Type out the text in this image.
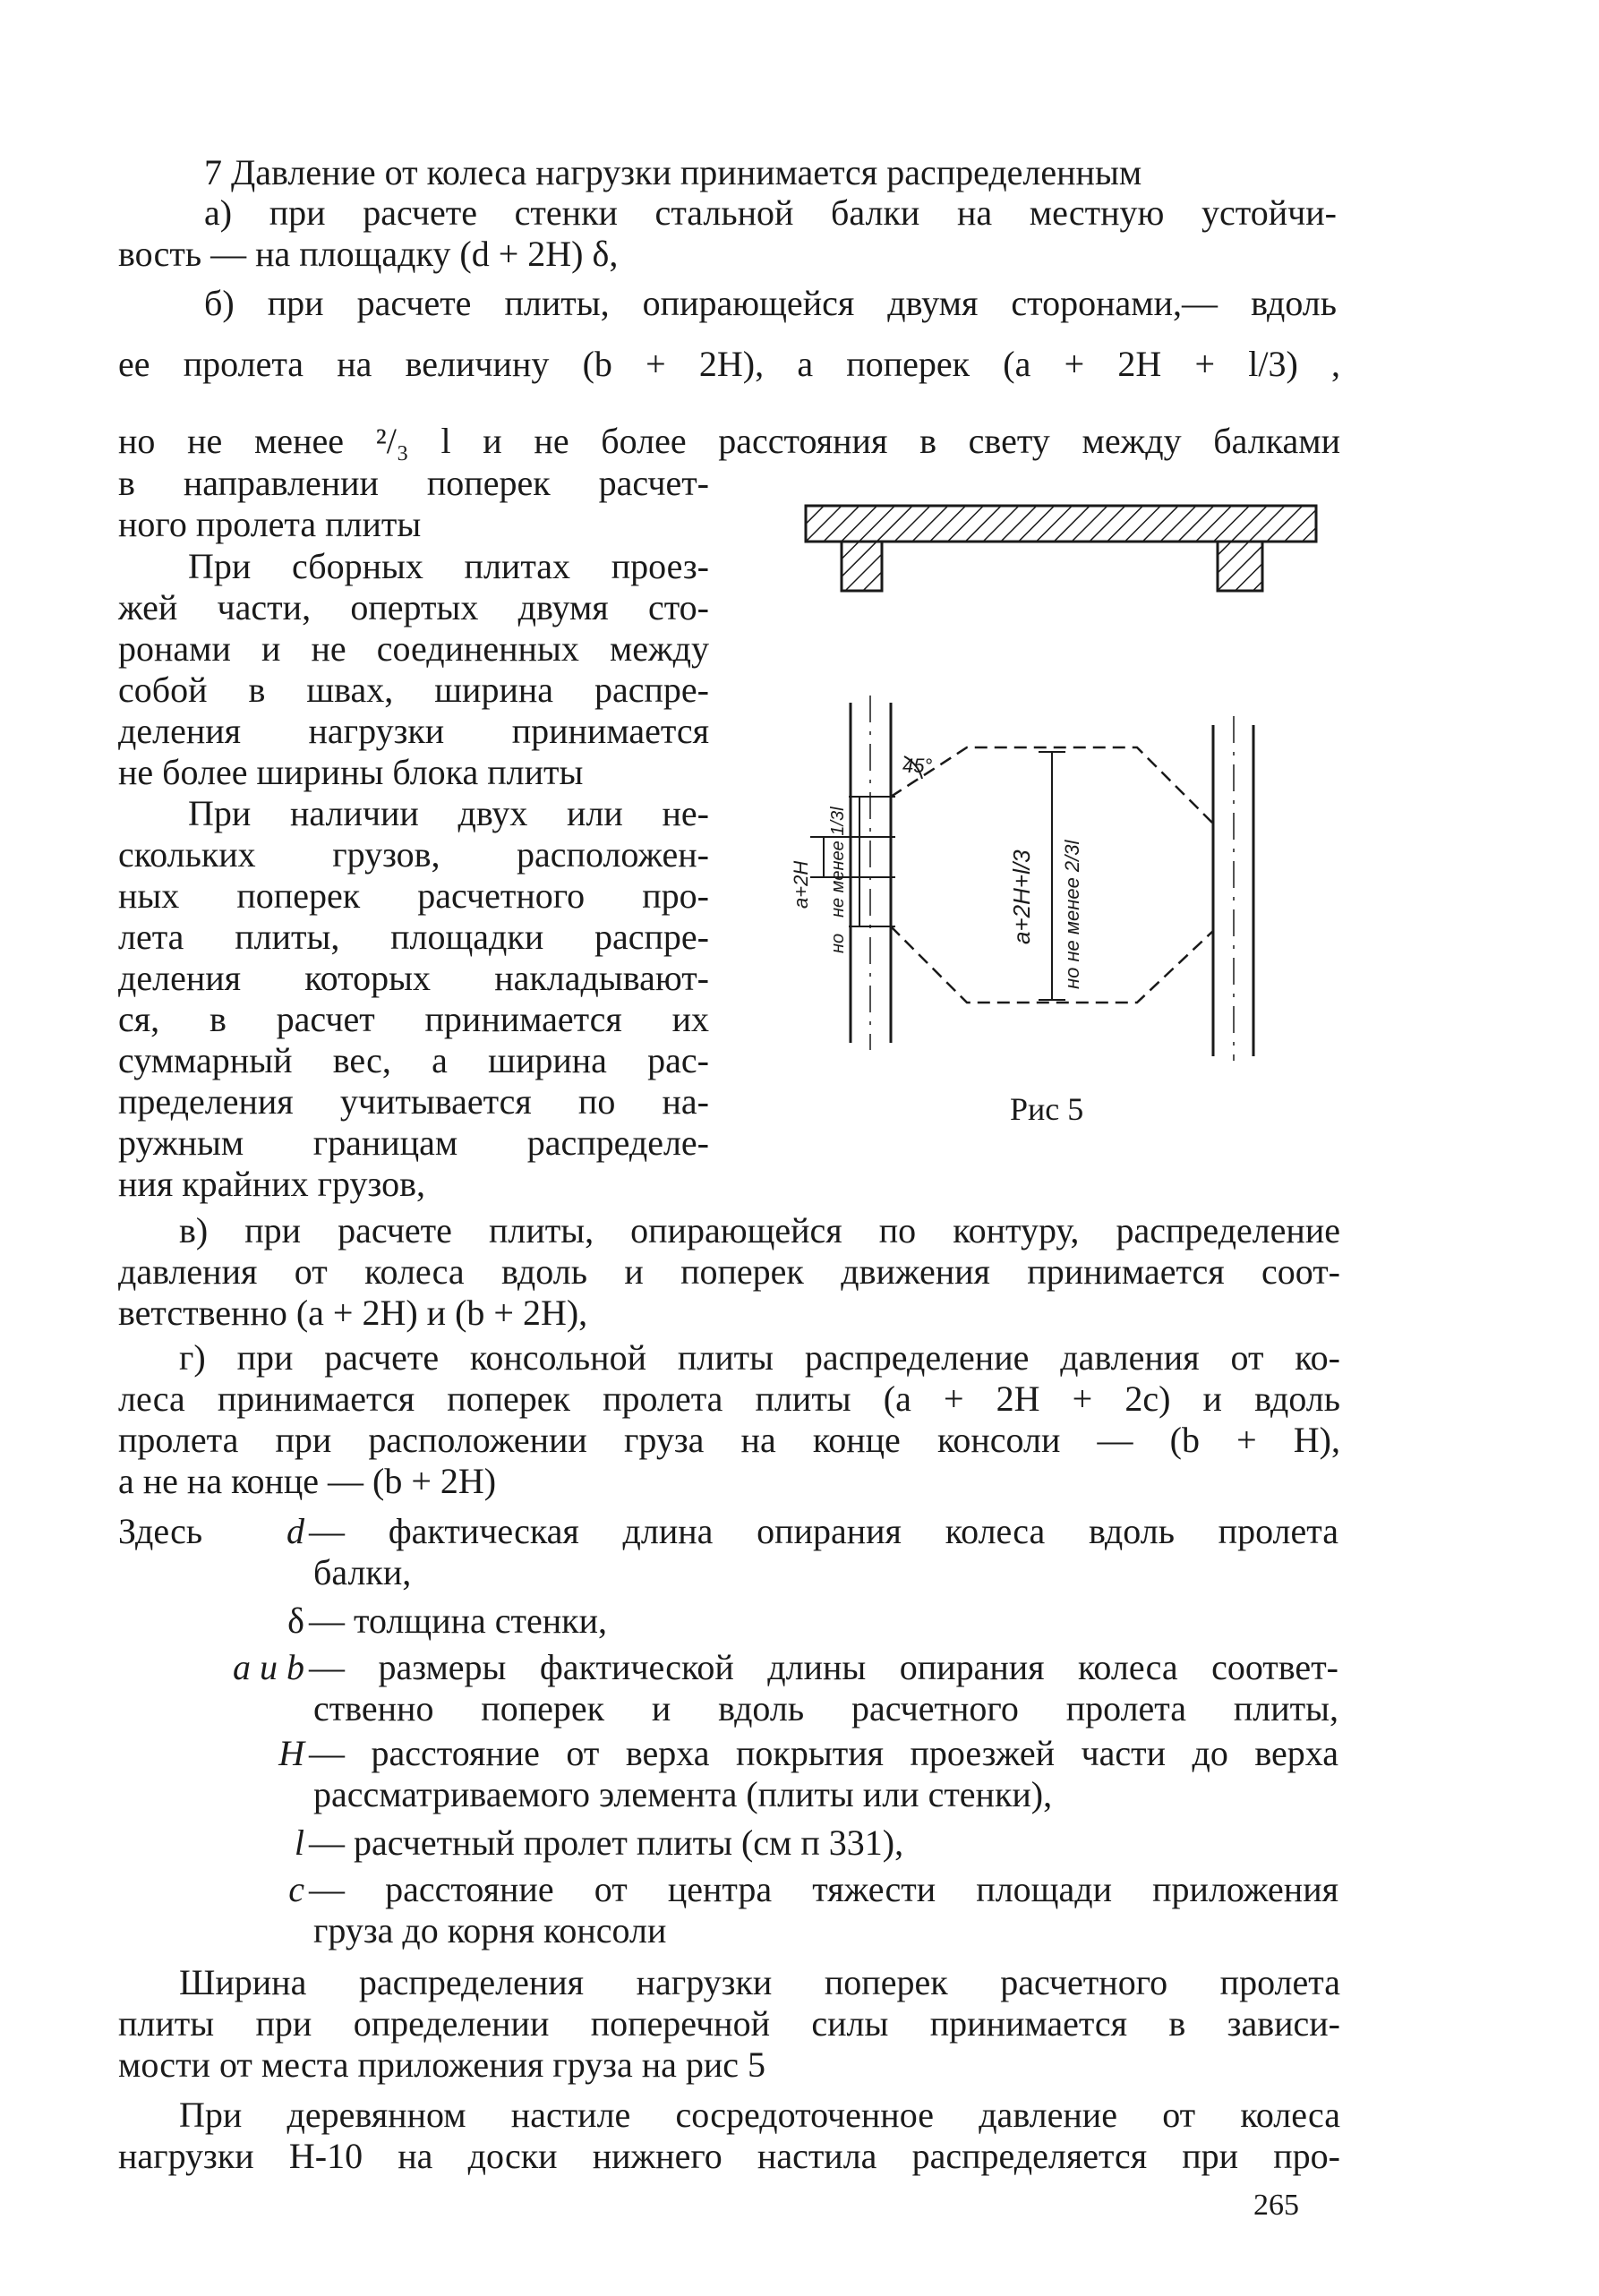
7 Давление от колеса нагрузки принимается распределенным
а) при расчете стенки стальной балки на местную устойчи-
вость — на площадку (d + 2H) δ,
б) при расчете плиты, опирающейся двумя сторонами,— вдоль
ее пролета на величину (b + 2H), а поперек (a + 2H + l/3) ,
но не менее ²/₃ l и не более расстояния в свету между балками
в направлении поперек расчет-
ного пролета плиты
При сборных плитах проез-
жей части, опертых двумя сто-
ронами и не соединенных между
собой в швах, ширина распре-
деления нагрузки принимается
не более ширины блока плиты
При наличии двух или не-
скольких грузов, расположен-
ных поперек расчетного про-
лета плиты, площадки распре-
деления которых накладывают-
ся, в расчет принимается их
суммарный вес, а ширина рас-
пределения учитывается по на-
ружным границам распределе-
ния крайних грузов,
в) при расчете плиты, опирающейся по контуру, распределение
давления от колеса вдоль и поперек движения принимается соот-
ветственно (a + 2H) и (b + 2H),
г) при расчете консольной плиты распределение давления от ко-
леса принимается поперек пролета плиты (a + 2H + 2c) и вдоль
пролета при расположении груза на конце консоли — (b + H),
а не на конце — (b + 2H)
Здесь	d — фактическая длина опирания колеса вдоль пролета
балки,
δ — толщина стенки,
a и b — размеры фактической длины опирания колеса соответ-
ственно поперек и вдоль расчетного пролета плиты,
H — расстояние от верха покрытия проезжей части до верха
рассматриваемого элемента (плиты или стенки),
l — расчетный пролет плиты (см п 331),
c — расстояние от центра тяжести площади приложения
груза до корня консоли
Ширина распределения нагрузки поперек расчетного пролета
плиты при определении поперечной силы принимается в зависи-
мости от места приложения груза на рис 5
При деревянном настиле сосредоточенное давление от колеса
нагрузки Н-10 на доски нижнего настила распределяется при про-
265
45°
a+2H не менее 1/3l
но	a+2H+l/3 но не менее 2/3l
Рис 5
